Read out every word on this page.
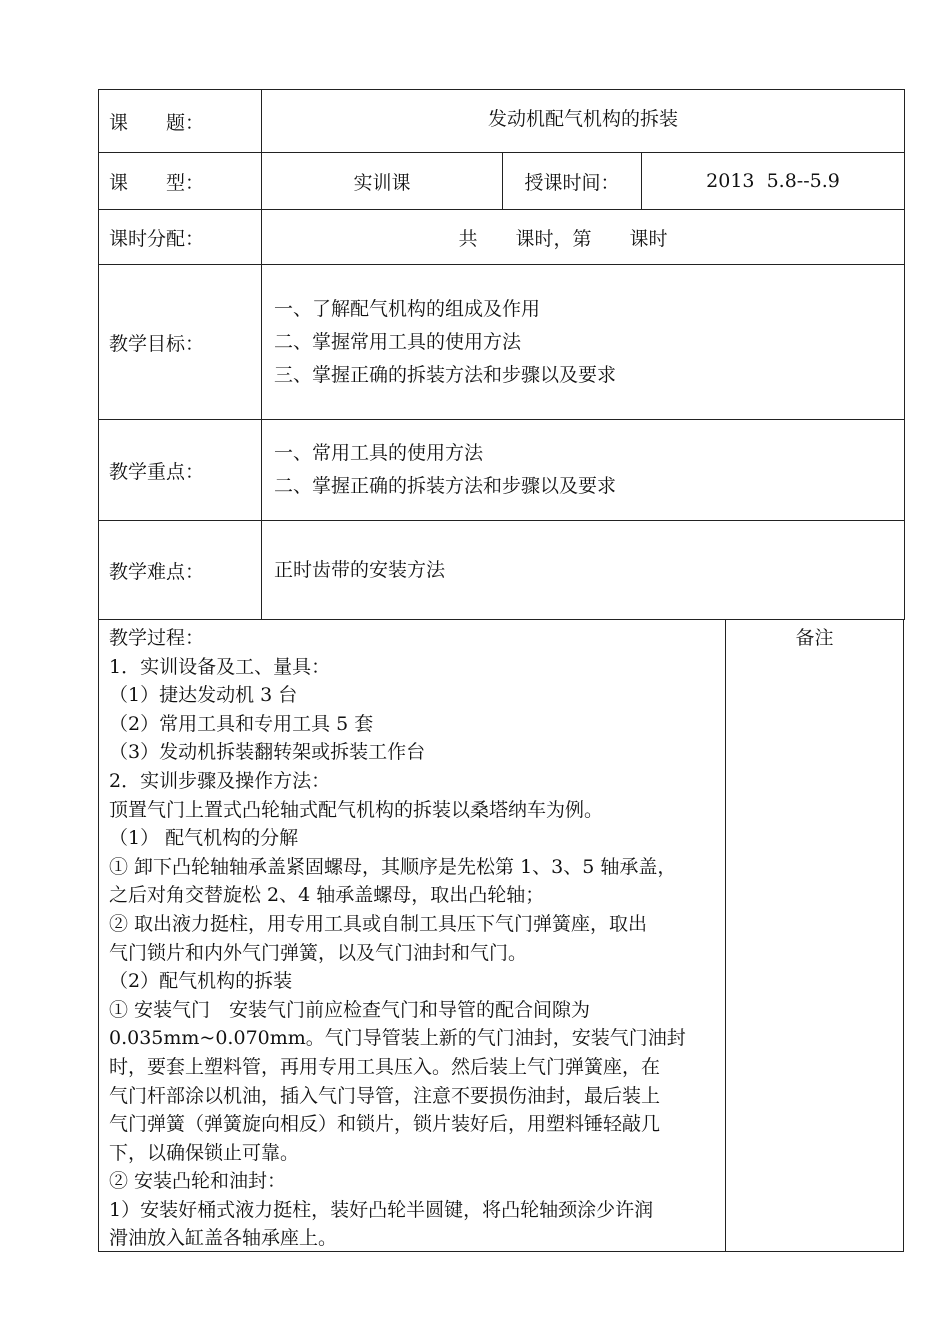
课　　题：	发动机配气机构的拆装		
课　　型：	实训课	授课时间：	2013  5.8--5.9
课时分配：	共　　课时，第　　课时		
教学目标：	一、了解配气机构的组成及作用
二、掌握常用工具的使用方法
三、掌握正确的拆装方法和步骤以及要求		

教学重点：	一、常用工具的使用方法
二、掌握正确的拆装方法和步骤以及要求		

教学难点：	正时齿带的安装方法		
教学过程：
1．实训设备及工、量具：
（1）捷达发动机 3 台
（2）常用工具和专用工具 5 套
（3）发动机拆装翻转架或拆装工作台
2．实训步骤及操作方法：
顶置气门上置式凸轮轴式配气机构的拆装以桑塔纳车为例。
（1） 配气机构的分解
① 卸下凸轮轴轴承盖紧固螺母，其顺序是先松第 1、3、5 轴承盖，
之后对角交替旋松 2、4 轴承盖螺母，取出凸轮轴；
② 取出液力挺柱，用专用工具或自制工具压下气门弹簧座，取出
气门锁片和内外气门弹簧，以及气门油封和气门。
（2）配气机构的拆装
① 安装气门　安装气门前应检查气门和导管的配合间隙为
0.035mm~0.070mm。气门导管装上新的气门油封，安装气门油封
时，要套上塑料管，再用专用工具压入。然后装上气门弹簧座，在
气门杆部涂以机油，插入气门导管，注意不要损伤油封，最后装上
气门弹簧（弹簧旋向相反）和锁片，锁片装好后，用塑料锤轻敲几
下，以确保锁止可靠。
② 安装凸轮和油封：
1）安装好桶式液力挺柱，装好凸轮半圆键，将凸轮轴颈涂少许润
滑油放入缸盖各轴承座上。
备注
